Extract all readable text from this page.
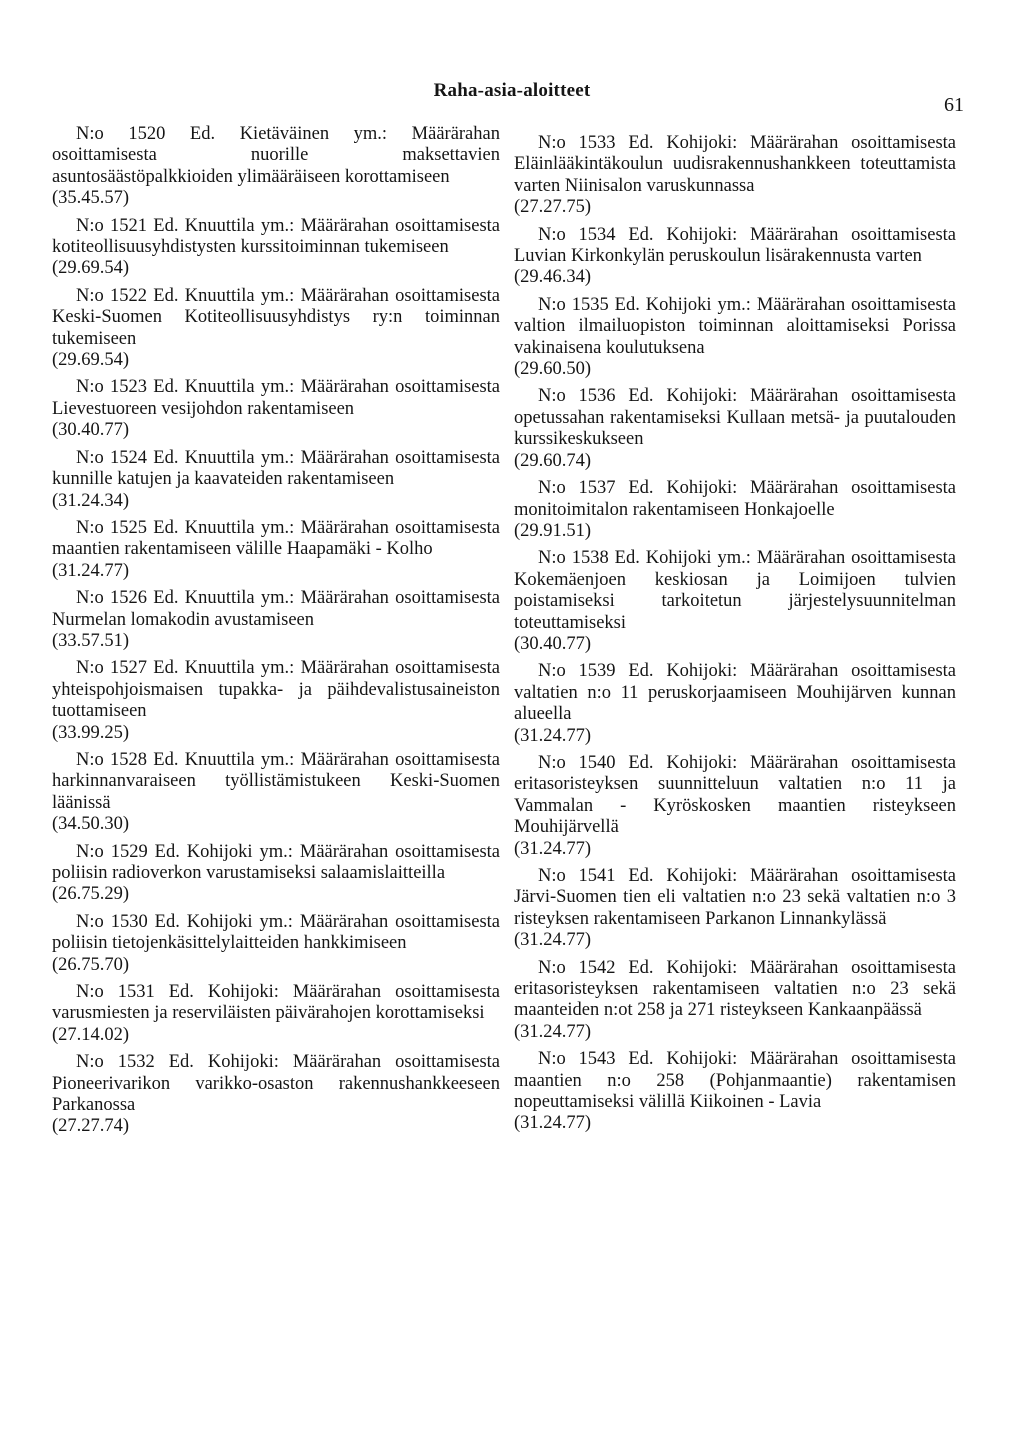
Raha-asia-aloitteet
61
N:o 1520 Ed. Kietäväinen ym.: Määrärahan osoittamisesta nuorille maksettavien asuntosäästöpalkkioiden ylimääräiseen korottamiseen
(35.45.57)
N:o 1521 Ed. Knuuttila ym.: Määrärahan osoittamisesta kotiteollisuusyhdistysten kurssitoiminnan tukemiseen
(29.69.54)
N:o 1522 Ed. Knuuttila ym.: Määrärahan osoittamisesta Keski-Suomen Kotiteollisuusyhdistys ry:n toiminnan tukemiseen
(29.69.54)
N:o 1523 Ed. Knuuttila ym.: Määrärahan osoittamisesta Lievestuoreen vesijohdon rakentamiseen
(30.40.77)
N:o 1524 Ed. Knuuttila ym.: Määrärahan osoittamisesta kunnille katujen ja kaavateiden rakentamiseen
(31.24.34)
N:o 1525 Ed. Knuuttila ym.: Määrärahan osoittamisesta maantien rakentamiseen välille Haapamäki - Kolho
(31.24.77)
N:o 1526 Ed. Knuuttila ym.: Määrärahan osoittamisesta Nurmelan lomakodin avustamiseen
(33.57.51)
N:o 1527 Ed. Knuuttila ym.: Määrärahan osoittamisesta yhteispohjoismaisen tupakka- ja päihdevalistusaineiston tuottamiseen
(33.99.25)
N:o 1528 Ed. Knuuttila ym.: Määrärahan osoittamisesta harkinnanvaraiseen työllistämistukeen Keski-Suomen läänissä
(34.50.30)
N:o 1529 Ed. Kohijoki ym.: Määrärahan osoittamisesta poliisin radioverkon varustamiseksi salaamislaitteilla
(26.75.29)
N:o 1530 Ed. Kohijoki ym.: Määrärahan osoittamisesta poliisin tietojenkäsittelylaitteiden hankkimiseen
(26.75.70)
N:o 1531 Ed. Kohijoki: Määrärahan osoittamisesta varusmiesten ja reserviläisten päivärahojen korottamiseksi
(27.14.02)
N:o 1532 Ed. Kohijoki: Määrärahan osoittamisesta Pioneerivarikon varikko-osaston rakennushankkeeseen Parkanossa
(27.27.74)
N:o 1533 Ed. Kohijoki: Määrärahan osoittamisesta Eläinlääkintäkoulun uudisrakennushankkeen toteuttamista varten Niinisalon varuskunnassa
(27.27.75)
N:o 1534 Ed. Kohijoki: Määrärahan osoittamisesta Luvian Kirkonkylän peruskoulun lisärakennusta varten
(29.46.34)
N:o 1535 Ed. Kohijoki ym.: Määrärahan osoittamisesta valtion ilmailuopiston toiminnan aloittamiseksi Porissa vakinaisena koulutuksena
(29.60.50)
N:o 1536 Ed. Kohijoki: Määrärahan osoittamisesta opetussahan rakentamiseksi Kullaan metsä- ja puutalouden kurssikeskukseen
(29.60.74)
N:o 1537 Ed. Kohijoki: Määrärahan osoittamisesta monitoimitalon rakentamiseen Honkajoelle
(29.91.51)
N:o 1538 Ed. Kohijoki ym.: Määrärahan osoittamisesta Kokemäenjoen keskiosan ja Loimijoen tulvien poistamiseksi tarkoitetun järjestelysuunnitelman toteuttamiseksi
(30.40.77)
N:o 1539 Ed. Kohijoki: Määrärahan osoittamisesta valtatien n:o 11 peruskorjaamiseen Mouhijärven kunnan alueella
(31.24.77)
N:o 1540 Ed. Kohijoki: Määrärahan osoittamisesta eritasoristeyksen suunnitteluun valtatien n:o 11 ja Vammalan - Kyröskosken maantien risteykseen Mouhijärvellä
(31.24.77)
N:o 1541 Ed. Kohijoki: Määrärahan osoittamisesta Järvi-Suomen tien eli valtatien n:o 23 sekä valtatien n:o 3 risteyksen rakentamiseen Parkanon Linnankylässä
(31.24.77)
N:o 1542 Ed. Kohijoki: Määrärahan osoittamisesta eritasoristeyksen rakentamiseen valtatien n:o 23 sekä maanteiden n:ot 258 ja 271 risteykseen Kankaanpäässä
(31.24.77)
N:o 1543 Ed. Kohijoki: Määrärahan osoittamisesta maantien n:o 258 (Pohjanmaantie) rakentamisen nopeuttamiseksi välillä Kiikoinen - Lavia
(31.24.77)
